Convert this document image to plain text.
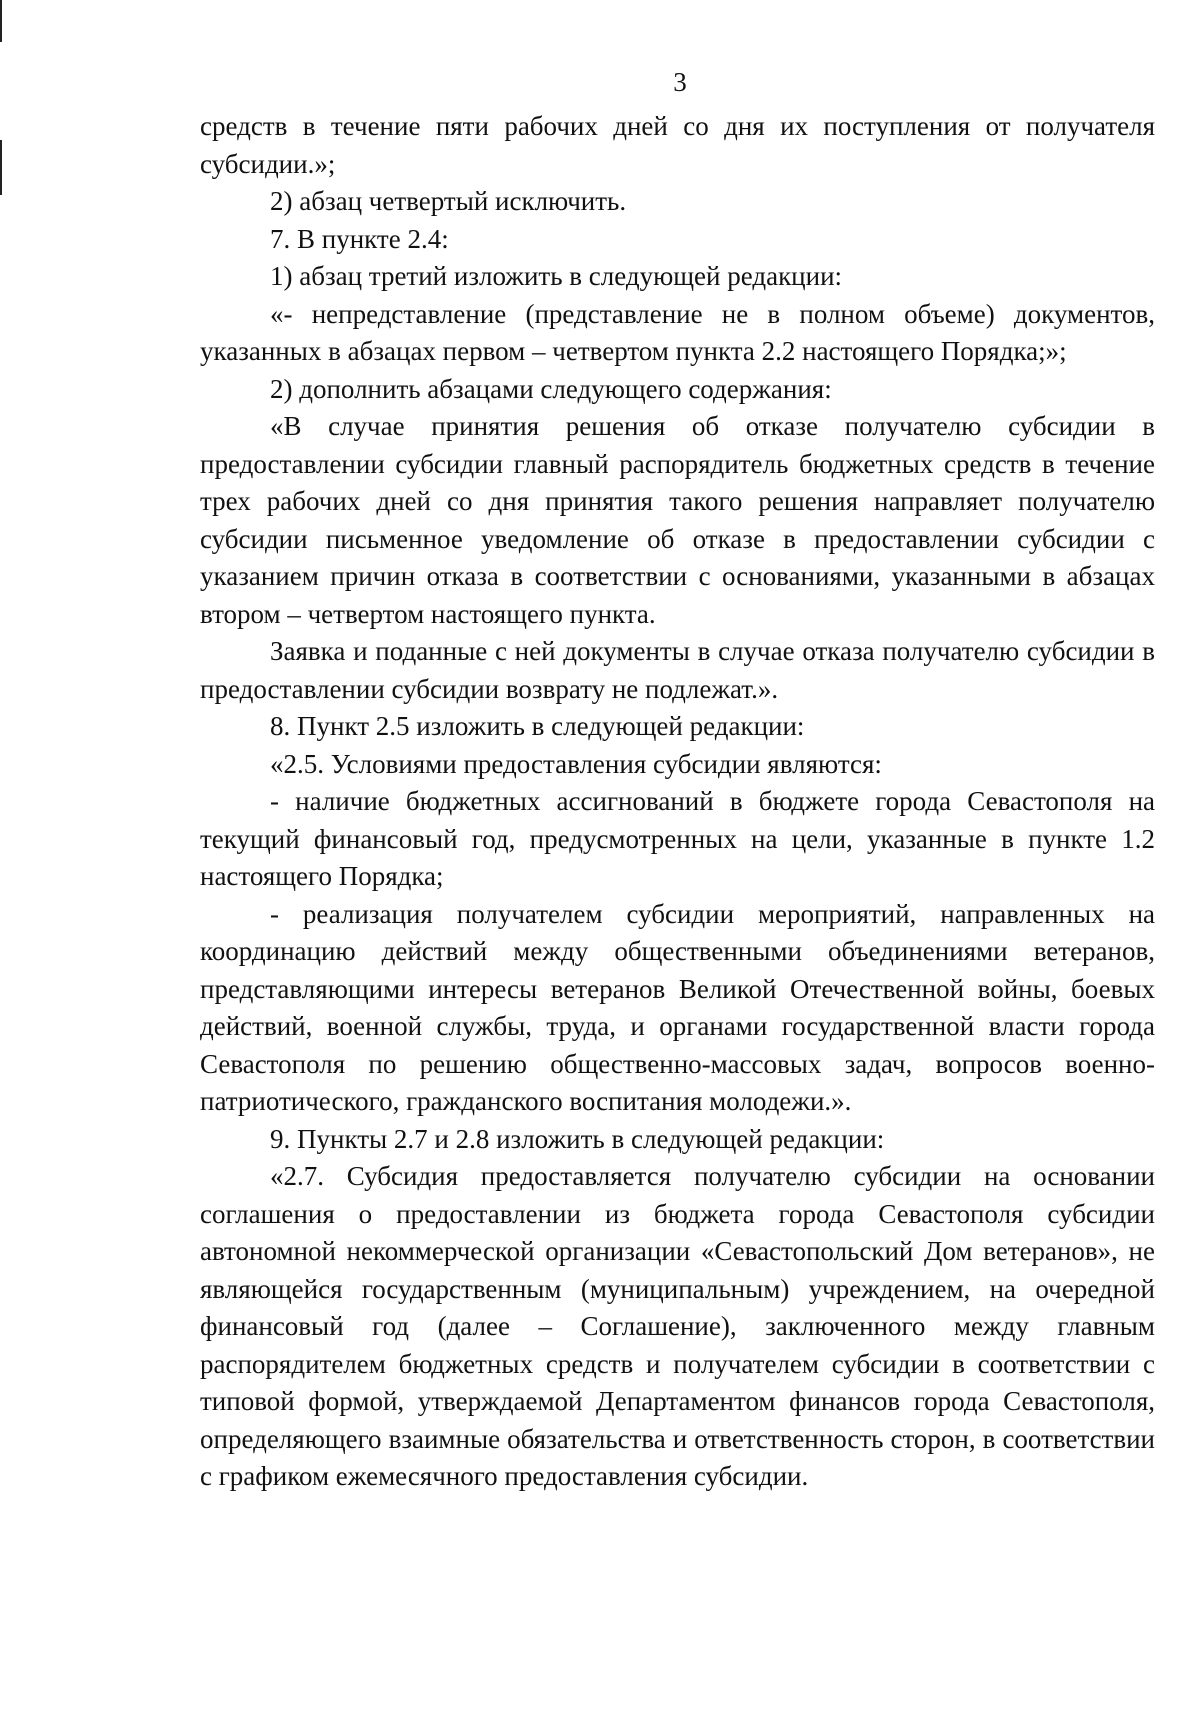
3

средств в течение пяти рабочих дней со дня их поступления от получателя субсидии.»;

2) абзац четвертый исключить.

7. В пункте 2.4:

1) абзац третий изложить в следующей редакции:

«- непредставление (представление не в полном объеме) документов, указанных в абзацах первом – четвертом пункта 2.2 настоящего Порядка;»;

2) дополнить абзацами следующего содержания:

«В случае принятия решения об отказе получателю субсидии в предоставлении субсидии главный распорядитель бюджетных средств в течение трех рабочих дней со дня принятия такого решения направляет получателю субсидии письменное уведомление об отказе в предоставлении субсидии с указанием причин отказа в соответствии с основаниями, указанными в абзацах втором – четвертом настоящего пункта.

Заявка и поданные с ней документы в случае отказа получателю субсидии в предоставлении субсидии возврату не подлежат.».

8. Пункт 2.5 изложить в следующей редакции:

«2.5. Условиями предоставления субсидии являются:

- наличие бюджетных ассигнований в бюджете города Севастополя на текущий финансовый год, предусмотренных на цели, указанные в пункте 1.2 настоящего Порядка;

- реализация получателем субсидии мероприятий, направленных на координацию действий между общественными объединениями ветеранов, представляющими интересы ветеранов Великой Отечественной войны, боевых действий, военной службы, труда, и органами государственной власти города Севастополя по решению общественно-массовых задач, вопросов военно-патриотического, гражданского воспитания молодежи.».

9. Пункты 2.7 и 2.8 изложить в следующей редакции:

«2.7. Субсидия предоставляется получателю субсидии на основании соглашения о предоставлении из бюджета города Севастополя субсидии автономной некоммерческой организации «Севастопольский Дом ветеранов», не являющейся государственным (муниципальным) учреждением, на очередной финансовый год (далее – Соглашение), заключенного между главным распорядителем бюджетных средств и получателем субсидии в соответствии с типовой формой, утверждаемой Департаментом финансов города Севастополя, определяющего взаимные обязательства и ответственность сторон, в соответствии с графиком ежемесячного предоставления субсидии.
